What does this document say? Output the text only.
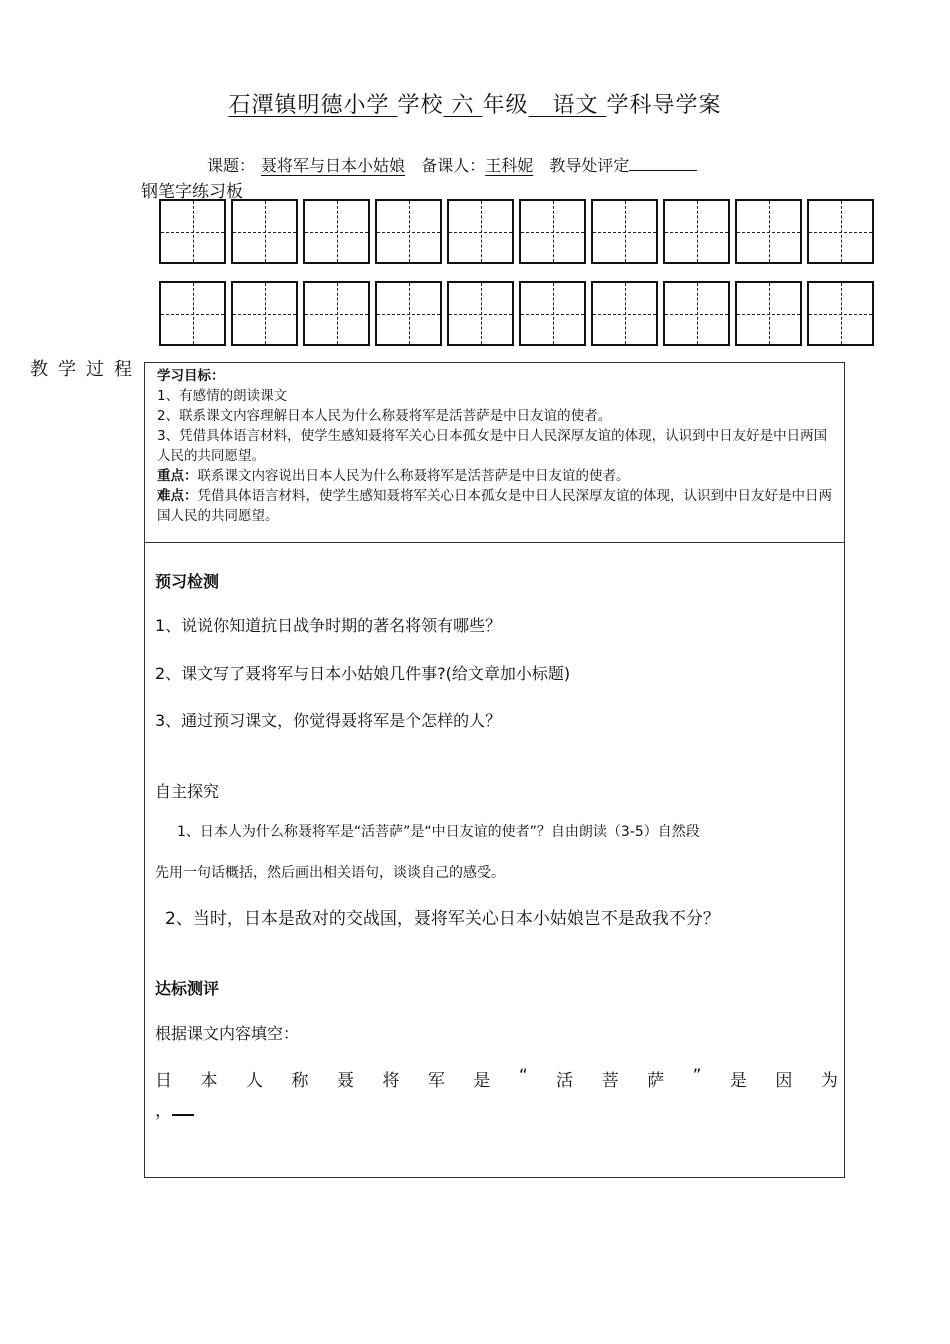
石潭镇明德小学 学校 六 年级 语文 学科导学案
课题： 聂将军与日本小姑娘 备课人：王科妮 教导处评定
钢笔字练习板
教学过程 学习目标：

1、有感情的朗读课文

2、联系课文内容理解日本人民为什么称聂将军是活菩萨是中日友谊的使者。

3、凭借具体语言材料，使学生感知聂将军关心日本孤女是中日人民深厚友谊的体现，认识到中日友好是中日两国人民的共同愿望。

重点：联系课文内容说出日本人民为什么称聂将军是活菩萨是中日友谊的使者。

难点：凭借具体语言材料，使学生感知聂将军关心日本孤女是中日人民深厚友谊的体现，认识到中日友好是中日两国人民的共同愿望。

预习检测
1、说说你知道抗日战争时期的著名将领有哪些？
2、课文写了聂将军与日本小姑娘几件事?(给文章加小标题)
3、通过预习课文，你觉得聂将军是个怎样的人？
自主探究
1、日本人为什么称聂将军是“活菩萨”是“中日友谊的使者”？自由朗读（3-5）自然段
先用一句话概括，然后画出相关语句，谈谈自己的感受。
2、当时，日本是敌对的交战国，聂将军关心日本小姑娘岂不是敌我不分？
达标测评
根据课文内容填空：
日 本 人 称 聂 将 军 是 “ 活 菩 萨 ” 是 因 为
，
